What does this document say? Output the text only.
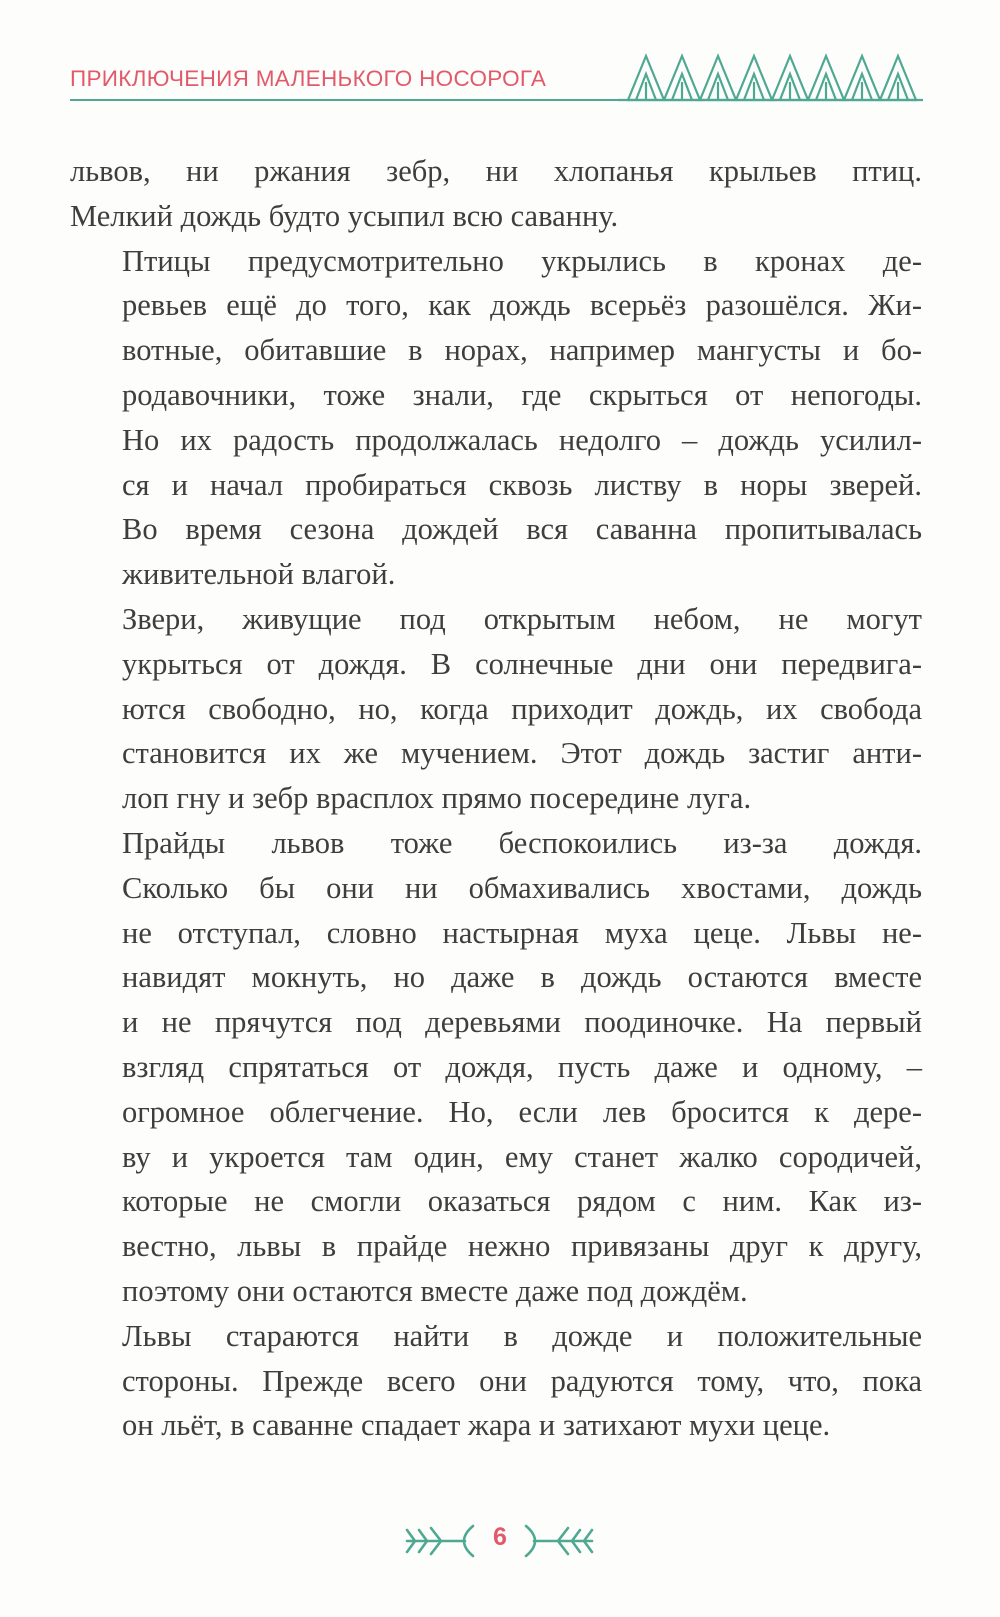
ПРИКЛЮЧЕНИЯ МАЛЕНЬКОГО НОСОРОГА

львов, ни ржания зебр, ни хлопанья крыльев птиц.
Мелкий дождь будто усыпил всю саванну.

Птицы предусмотрительно укрылись в кронах де-
ревьев ещё до того, как дождь всерьёз разошёлся. Жи-
вотные, обитавшие в норах, например мангусты и бо-
родавочники, тоже знали, где скрыться от непогоды.
Но их радость продолжалась недолго – дождь усилил-
ся и начал пробираться сквозь листву в норы зверей.
Во время сезона дождей вся саванна пропитывалась
живительной влагой.

Звери, живущие под открытым небом, не могут
укрыться от дождя. В солнечные дни они передвига-
ются свободно, но, когда приходит дождь, их свобода
становится их же мучением. Этот дождь застиг анти-
лоп гну и зебр врасплох прямо посередине луга.

Прайды львов тоже беспокоились из-за дождя.
Сколько бы они ни обмахивались хвостами, дождь
не отступал, словно настырная муха цеце. Львы не-
навидят мокнуть, но даже в дождь остаются вместе
и не прячутся под деревьями поодиночке. На первый
взгляд спрятаться от дождя, пусть даже и одному, –
огромное облегчение. Но, если лев бросится к дере-
ву и укроется там один, ему станет жалко сородичей,
которые не смогли оказаться рядом с ним. Как из-
вестно, львы в прайде нежно привязаны друг к другу,
поэтому они остаются вместе даже под дождём.

Львы стараются найти в дожде и положительные
стороны. Прежде всего они радуются тому, что, пока
он льёт, в саванне спадает жара и затихают мухи цеце.

6
